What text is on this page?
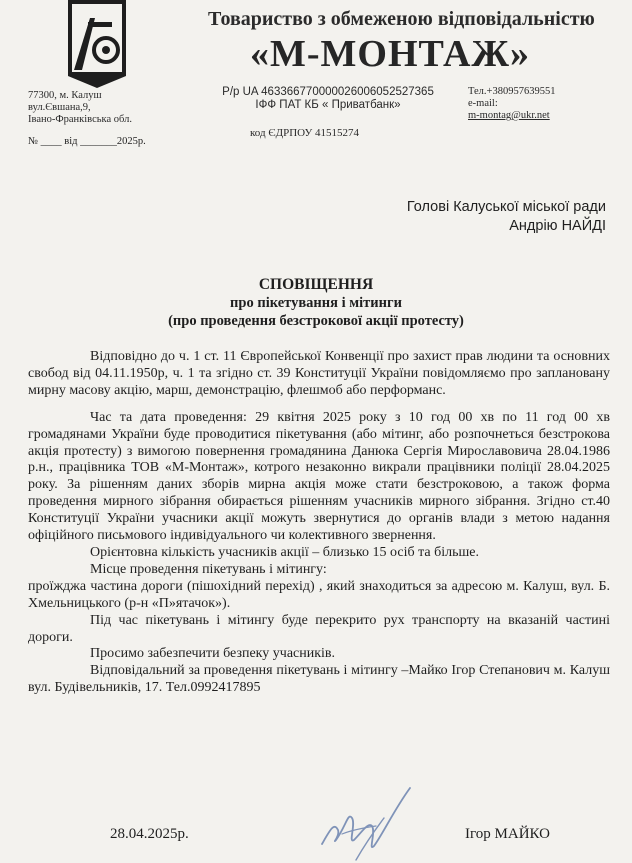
Товариство з обмеженою відповідальністю
«М-МОНТАЖ»
77300, м. Калуш
вул.Євшана,9,
Івано-Франківська обл.
Р/р UA 463366770000026006052527365
ІФФ ПАТ КБ « Приватбанк»
Тел.+380957639551
e-mail:
m-montag@ukr.net
код ЄДРПОУ 41515274
№ ____ від _______2025р.
Голові Калуської міської ради
Андрію НАЙДІ
СПОВІЩЕННЯ
про пікетування і мітинги
(про проведення безстрокової акції протесту)

Відповідно до ч. 1 ст. 11 Європейської Конвенції про захист прав людини та основних свобод від 04.11.1950р, ч. 1 та згідно ст. 39 Конституції України повідомляємо про заплановану мирну масову акцію, марш, демонстрацію, флешмоб або перформанс.

Час та дата проведення: 29 квітня 2025 року з 10 год 00 хв по 11 год 00 хв громадянами України буде проводитися пікетування (або мітинг, або розпочнеться безстрокова акція протесту) з вимогою повернення громадянина Данюка Сергія Мирославовича 28.04.1986 р.н., працівника ТОВ «М-Монтаж», котрого незаконно викрали працівники поліції 28.04.2025 року. За рішенням даних зборів мирна акція може стати безстроковою, а також форма проведення мирного зібрання обирається рішенням учасників мирного зібрання. Згідно ст.40 Конституції України учасники акції можуть звернутися до органів влади з метою надання офіційного письмового індивідуального чи колективного звернення.

Орієнтовна кількість учасників акції – близько 15 осіб та більше.

Місце проведення пікетувань і мітингу:

проїжджа частина дороги (пішохідний перехід) , який знаходиться за адресою м. Калуш, вул. Б. Хмельницького (р-н «П»ятачок»).

Під час пікетувань і мітингу буде перекрито рух транспорту на вказаній частині дороги.

Просимо забезпечити безпеку учасників.

Відповідальний за проведення пікетувань і мітингу –Майко Ігор Степанович м. Калуш вул. Будівельників, 17. Тел.0992417895

28.04.2025р.	Ігор МАЙКО
